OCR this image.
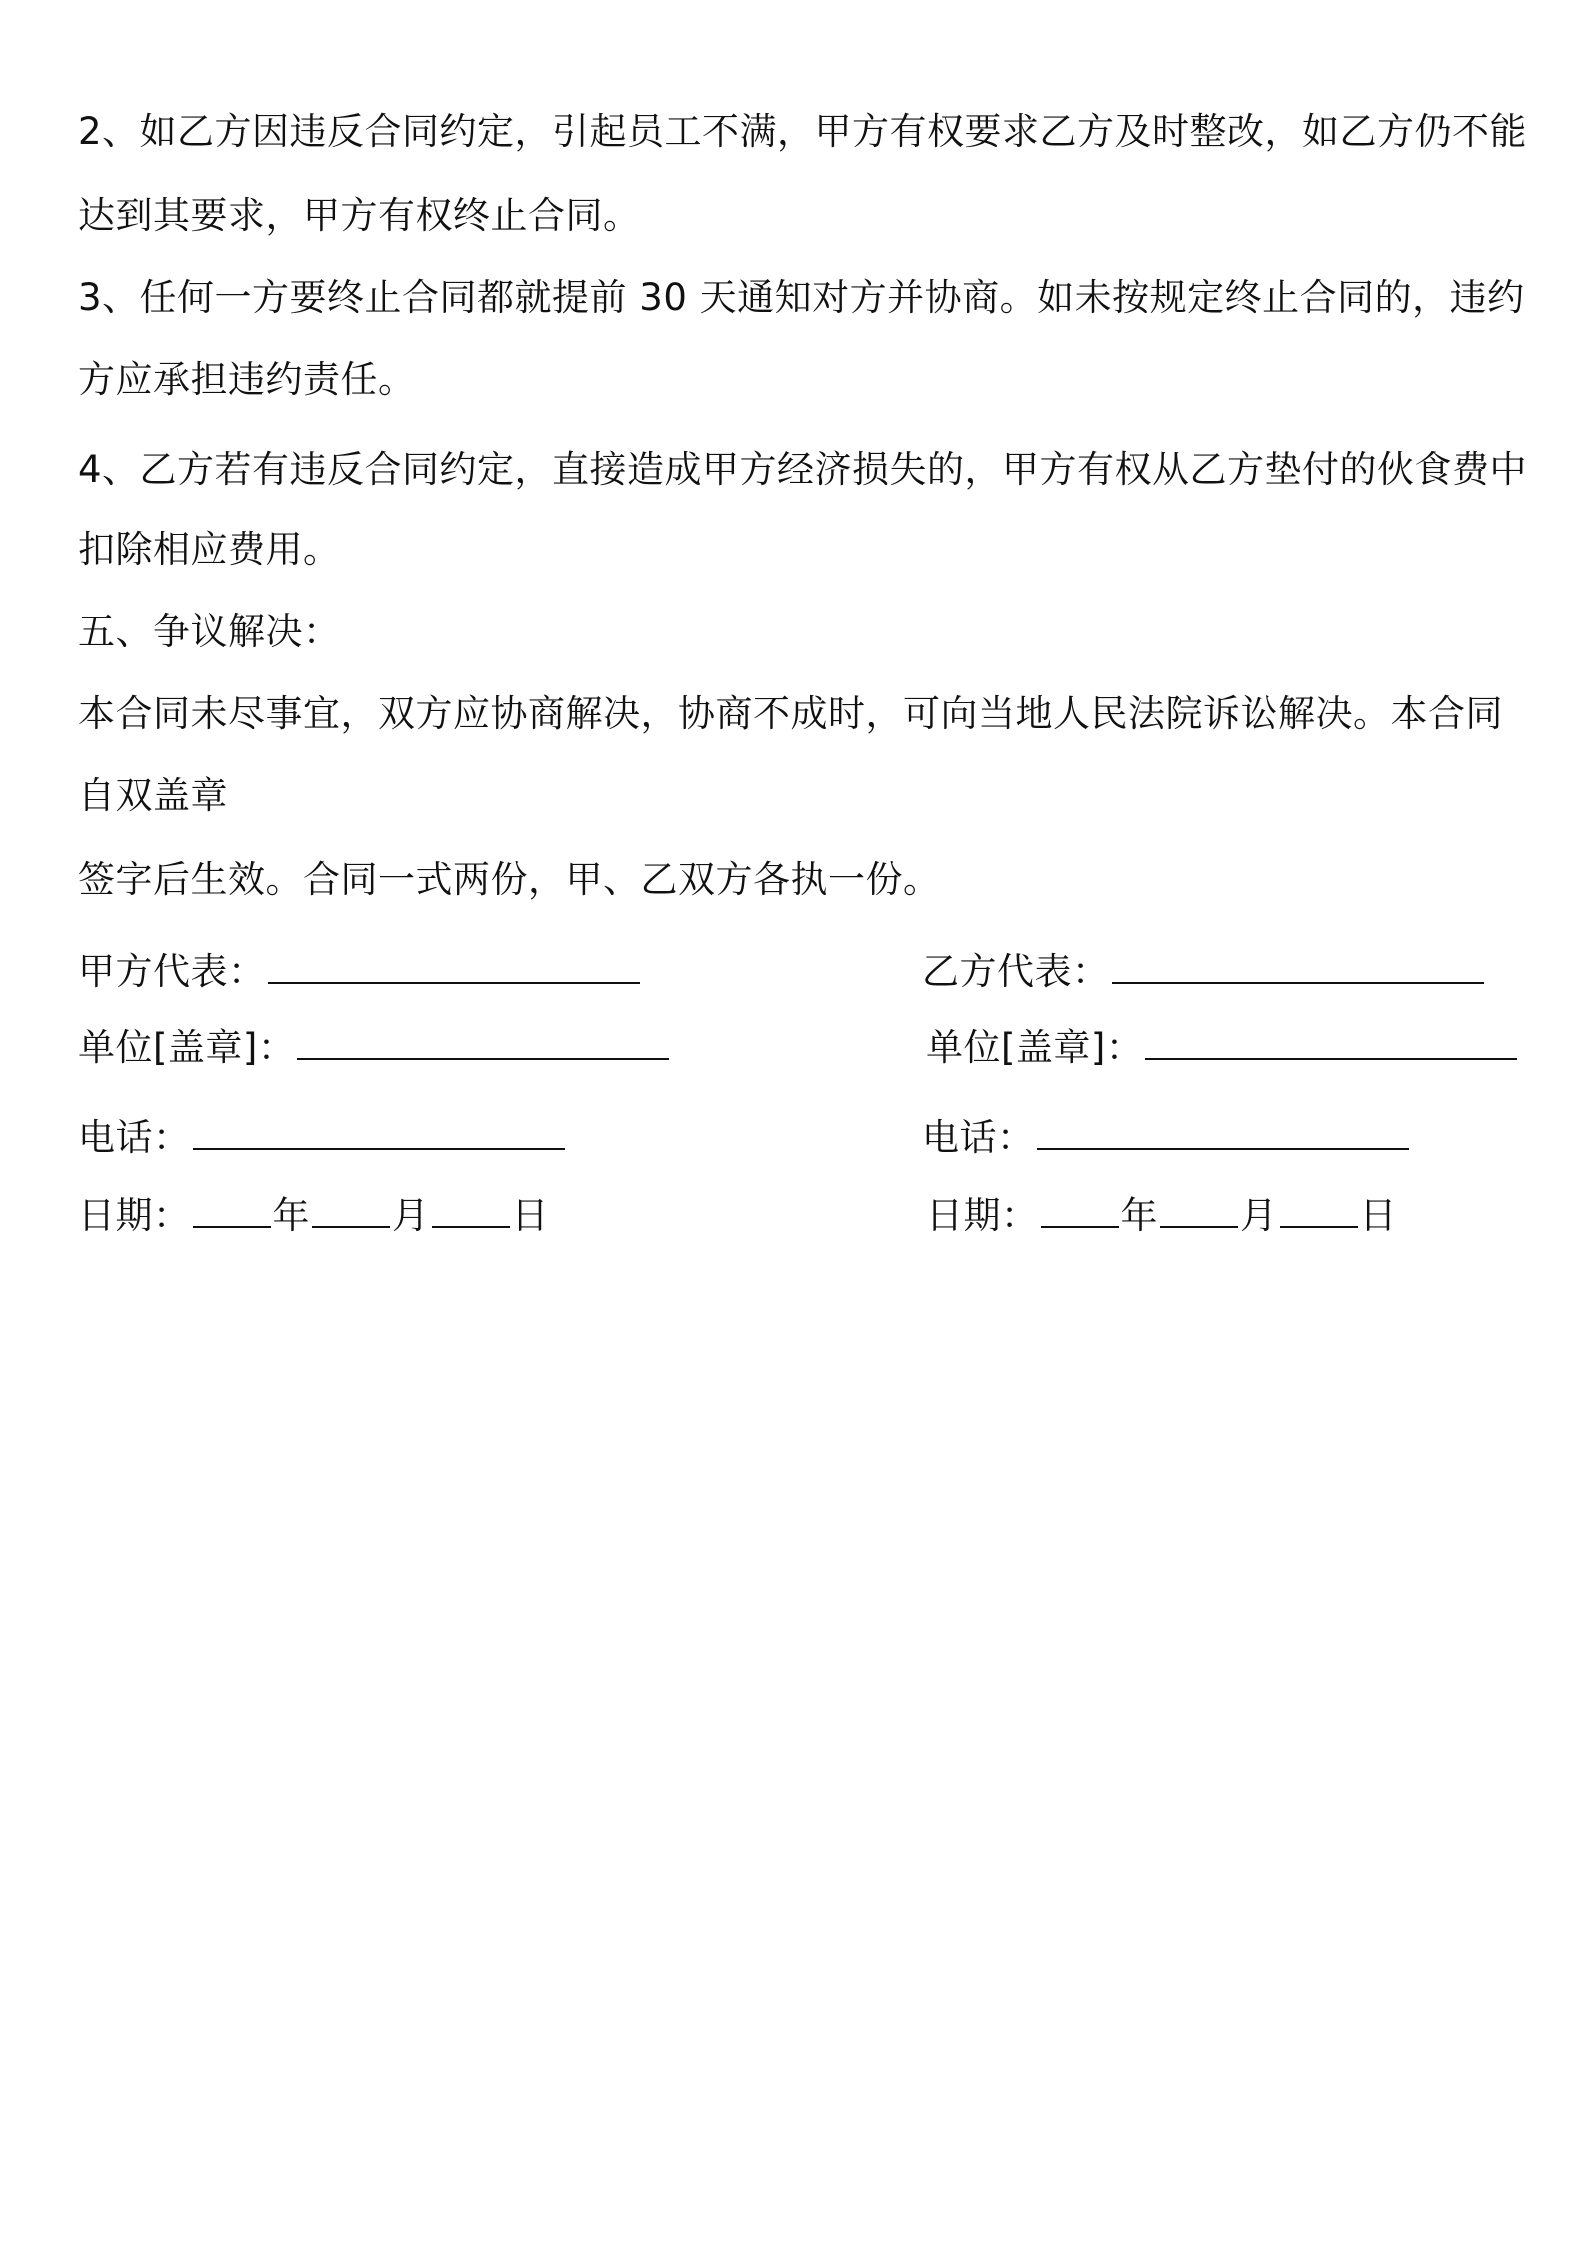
2、如乙方因违反合同约定，引起员工不满，甲方有权要求乙方及时整改，如乙方仍不能
达到其要求，甲方有权终止合同。
3、任何一方要终止合同都就提前 30 天通知对方并协商。如未按规定终止合同的，违约
方应承担违约责任。
4、乙方若有违反合同约定，直接造成甲方经济损失的，甲方有权从乙方垫付的伙食费中
扣除相应费用。
五、争议解决：
本合同未尽事宜，双方应协商解决，协商不成时，可向当地人民法院诉讼解决。本合同
自双盖章
签字后生效。合同一式两份，甲、乙双方各执一份。
甲方代表：
单位[盖章]：
电话：
日期： 年 月 日
乙方代表：
单位[盖章]：
电话：
日期： 年 月 日
